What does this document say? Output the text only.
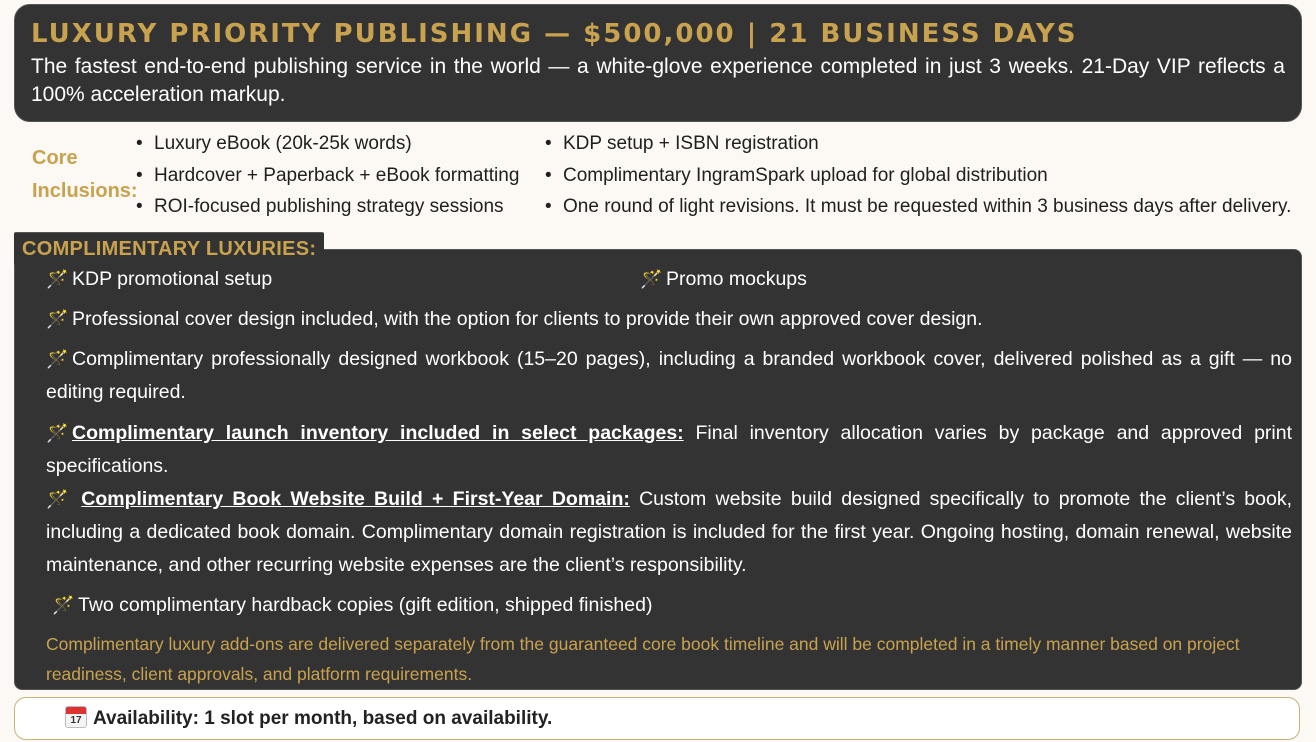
LUXURY PRIORITY PUBLISHING — $500,000 | 21 BUSINESS DAYS
The fastest end-to-end publishing service in the world — a white-glove experience completed in just 3 weeks. 21-Day VIP reflects a 100% acceleration markup.
Core
Inclusions:
• Luxury eBook (20k-25k words)
• Hardcover + Paperback + eBook formatting
• ROI-focused publishing strategy sessions
• KDP setup + ISBN registration
• Complimentary IngramSpark upload for global distribution
• One round of light revisions. It must be requested within 3 business days after delivery.
COMPLIMENTARY LUXURIES:
🪄 KDP promotional setup	🪄 Promo mockups
🪄 Professional cover design included, with the option for clients to provide their own approved cover design.
🪄 Complimentary professionally designed workbook (15–20 pages), including a branded workbook cover, delivered polished as a gift — no editing required.
🪄 Complimentary launch inventory included in select packages: Final inventory allocation varies by package and approved print specifications.
🪄 Complimentary Book Website Build + First-Year Domain: Custom website build designed specifically to promote the client’s book, including a dedicated book domain. Complimentary domain registration is included for the first year. Ongoing hosting, domain renewal, website maintenance, and other recurring website expenses are the client’s responsibility.
🪄 Two complimentary hardback copies (gift edition, shipped finished)
Complimentary luxury add-ons are delivered separately from the guaranteed core book timeline and will be completed in a timely manner based on project readiness, client approvals, and platform requirements.
17 Availability: 1 slot per month, based on availability.
